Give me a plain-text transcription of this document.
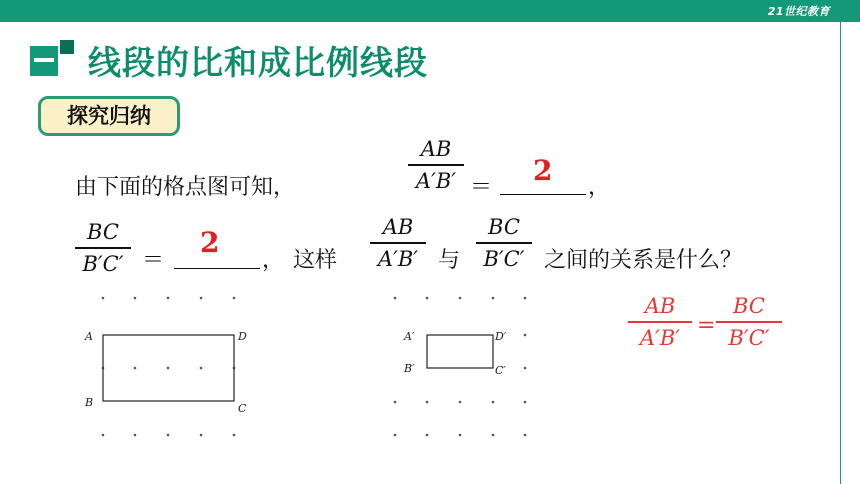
21世纪教育
线段的比和成比例线段
探究归纳
由下面的格点图可知，
AB
A′B′ ＝
2
，
BC
B′C′ ＝
2
， 这样
AB
A′B′ 与
BC
B′C′ 之间的关系是什么？
A
B	C
D	A′
B′	C′
D′
AB
A′B′ =
BC
B′C′
